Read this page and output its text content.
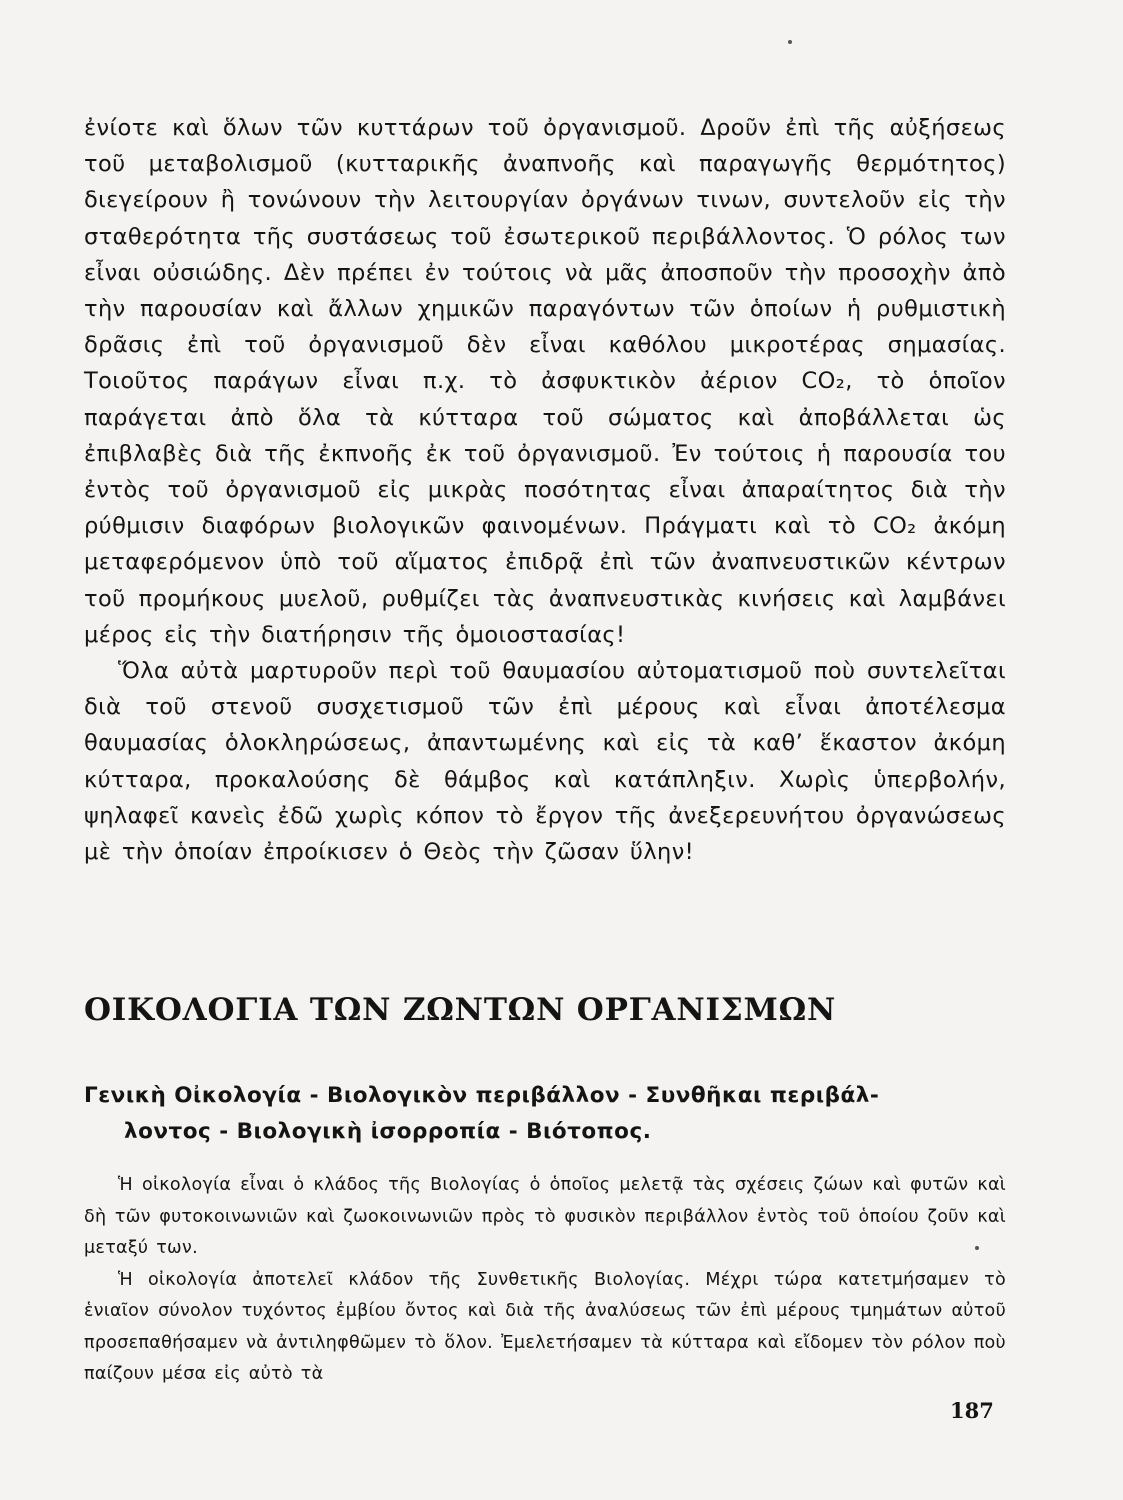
ἐνίοτε καὶ ὅλων τῶν κυττάρων τοῦ ὀργανισμοῦ. Δροῦν ἐπὶ τῆς αὐξήσεως τοῦ μεταβολισμοῦ (κυτταρικῆς ἀναπνοῆς καὶ παραγωγῆς θερμότητος) διεγείρουν ἢ τονώνουν τὴν λειτουργίαν ὀργάνων τινων, συντελοῦν εἰς τὴν σταθερότητα τῆς συστάσεως τοῦ ἐσωτερικοῦ περιβάλλοντος. Ὁ ρόλος των εἶναι οὐσιώδης. Δὲν πρέπει ἐν τούτοις νὰ μᾶς ἀποσποῦν τὴν προσοχὴν ἀπὸ τὴν παρουσίαν καὶ ἄλλων χημικῶν παραγόντων τῶν ὁποίων ἡ ρυθμιστικὴ δρᾶσις ἐπὶ τοῦ ὀργανισμοῦ δὲν εἶναι καθόλου μικροτέρας σημασίας. Τοιοῦτος παράγων εἶναι π.χ. τὸ ἀσφυκτικὸν ἀέριον CO₂, τὸ ὁποῖον παράγεται ἀπὸ ὅλα τὰ κύτταρα τοῦ σώματος καὶ ἀποβάλλεται ὡς ἐπιβλαβὲς διὰ τῆς ἐκπνοῆς ἐκ τοῦ ὀργανισμοῦ. Ἐν τούτοις ἡ παρουσία του ἐντὸς τοῦ ὀργανισμοῦ εἰς μικρὰς ποσότητας εἶναι ἀπαραίτητος διὰ τὴν ρύθμισιν διαφόρων βιολογικῶν φαινομένων. Πράγματι καὶ τὸ CO₂ ἀκόμη μεταφερόμενον ὑπὸ τοῦ αἵματος ἐπιδρᾷ ἐπὶ τῶν ἀναπνευστικῶν κέντρων τοῦ προμήκους μυελοῦ, ρυθμίζει τὰς ἀναπνευστικὰς κινήσεις καὶ λαμβάνει μέρος εἰς τὴν διατήρησιν τῆς ὁμοιοστασίας!

Ὅλα αὐτὰ μαρτυροῦν περὶ τοῦ θαυμασίου αὐτοματισμοῦ ποὺ συντελεῖται διὰ τοῦ στενοῦ συσχετισμοῦ τῶν ἐπὶ μέρους καὶ εἶναι ἀποτέλεσμα θαυμασίας ὁλοκληρώσεως, ἀπαντωμένης καὶ εἰς τὰ καθ’ ἕκαστον ἀκόμη κύτταρα, προκαλούσης δὲ θάμβος καὶ κατάπληξιν. Χωρὶς ὑπερβολήν, ψηλαφεῖ κανεὶς ἐδῶ χωρὶς κόπον τὸ ἔργον τῆς ἀνεξερευνήτου ὀργανώσεως μὲ τὴν ὁποίαν ἐπροίκισεν ὁ Θεὸς τὴν ζῶσαν ὕλην!

ΟΙΚΟΛΟΓΙΑ ΤΩΝ ΖΩΝΤΩΝ ΟΡΓΑΝΙΣΜΩΝ
Γενικὴ Οἰκολογία - Βιολογικὸν περιβάλλον - Συνθῆκαι περιβάλ-
λοντος - Βιολογικὴ ἰσορροπία - Βιότοπος.

Ἡ οἰκολογία εἶναι ὁ κλάδος τῆς Βιολογίας ὁ ὁποῖος μελετᾷ τὰς σχέσεις ζώων καὶ φυτῶν καὶ δὴ τῶν φυτοκοινωνιῶν καὶ ζωοκοινωνιῶν πρὸς τὸ φυσικὸν περιβάλλον ἐντὸς τοῦ ὁποίου ζοῦν καὶ μεταξύ των.

Ἡ οἰκολογία ἀποτελεῖ κλάδον τῆς Συνθετικῆς Βιολογίας. Μέχρι τώρα κατετμήσαμεν τὸ ἑνιαῖον σύνολον τυχόντος ἐμβίου ὄντος καὶ διὰ τῆς ἀναλύσεως τῶν ἐπὶ μέρους τμημάτων αὐτοῦ προσεπαθήσαμεν νὰ ἀντιληφθῶμεν τὸ ὅλον. Ἐμελετήσαμεν τὰ κύτταρα καὶ εἴδομεν τὸν ρόλον ποὺ παίζουν μέσα εἰς αὐτὸ τὰ

187
